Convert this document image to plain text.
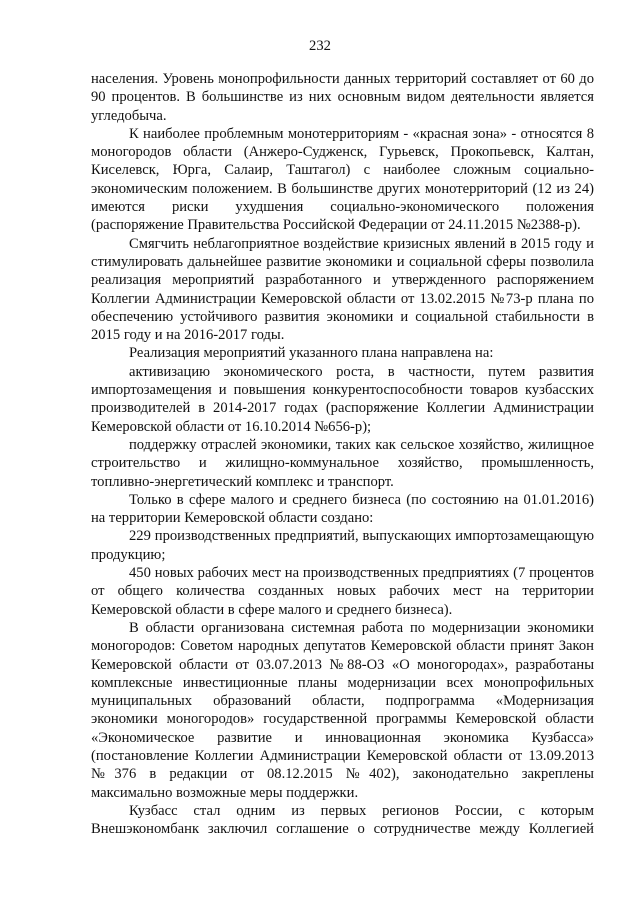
232

населения. Уровень монопрофильности данных территорий составляет от 60 до 90 процентов. В большинстве из них основным видом деятельности является угледобыча.

К наиболее проблемным монотерриториям - «красная зона» - относятся 8 моногородов области (Анжеро-Судженск, Гурьевск, Прокопьевск, Калтан, Киселевск, Юрга, Салаир, Таштагол) с наиболее сложным социально-экономическим положением. В большинстве других монотерриторий (12 из 24) имеются риски ухудшения социально-экономического положения (распоряжение Правительства Российской Федерации от 24.11.2015 №2388-р).

Смягчить неблагоприятное воздействие кризисных явлений в 2015 году и стимулировать дальнейшее развитие экономики и социальной сферы позволила реализация мероприятий разработанного и утвержденного распоряжением Коллегии Администрации Кемеровской области от 13.02.2015 №73-р плана по обеспечению устойчивого развития экономики и социальной стабильности в 2015 году и на 2016-2017 годы.

Реализация мероприятий указанного плана направлена на:

активизацию экономического роста, в частности, путем развития импортозамещения и повышения конкурентоспособности товаров кузбасских производителей в 2014-2017 годах (распоряжение Коллегии Администрации Кемеровской области от 16.10.2014 №656-р);

поддержку отраслей экономики, таких как сельское хозяйство, жилищное строительство и жилищно-коммунальное хозяйство, промышленность, топливно-энергетический комплекс и транспорт.

Только в сфере малого и среднего бизнеса (по состоянию на 01.01.2016) на территории Кемеровской области создано:

229 производственных предприятий, выпускающих импортозамещающую продукцию;

450 новых рабочих мест на производственных предприятиях (7 процентов от общего количества созданных новых рабочих мест на территории Кемеровской области в сфере малого и среднего бизнеса).

В области организована системная работа по модернизации экономики моногородов: Советом народных депутатов Кемеровской области принят Закон Кемеровской области от 03.07.2013 №88-ОЗ «О моногородах», разработаны комплексные инвестиционные планы модернизации всех монопрофильных муниципальных образований области, подпрограмма «Модернизация экономики моногородов» государственной программы Кемеровской области «Экономическое развитие и инновационная экономика Кузбасса» (постановление Коллегии Администрации Кемеровской области от 13.09.2013 №376 в редакции от 08.12.2015 №402), законодательно закреплены максимально возможные меры поддержки.

Кузбасс стал одним из первых регионов России, с которым Внешэкономбанк заключил соглашение о сотрудничестве между Коллегией
